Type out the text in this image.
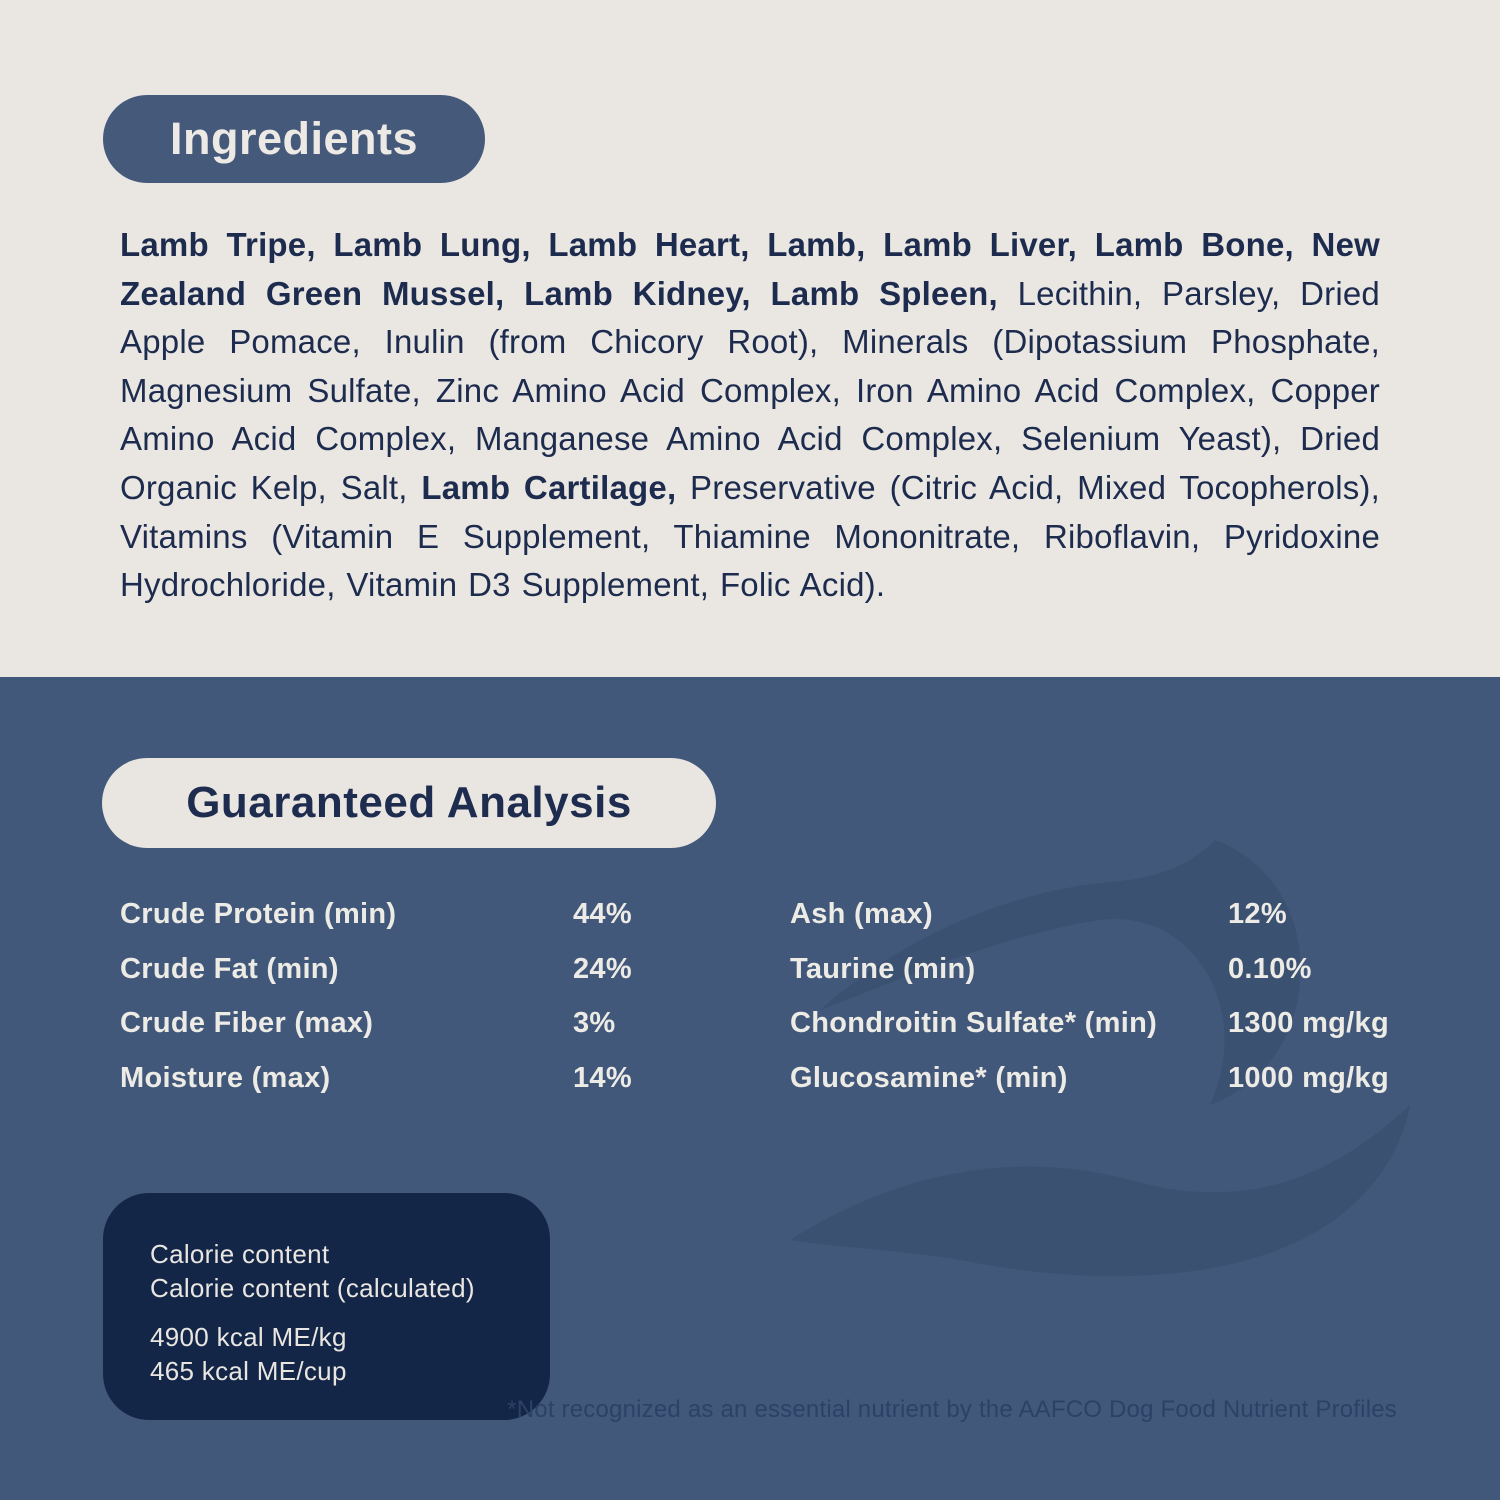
Ingredients
Lamb Tripe, Lamb Lung, Lamb Heart, Lamb, Lamb Liver, Lamb Bone, New Zealand Green Mussel, Lamb Kidney, Lamb Spleen, Lecithin, Parsley, Dried Apple Pomace, Inulin (from Chicory Root), Minerals (Dipotassium Phosphate, Magnesium Sulfate, Zinc Amino Acid Complex, Iron Amino Acid Complex, Copper Amino Acid Complex, Manganese Amino Acid Complex, Selenium Yeast), Dried Organic Kelp, Salt, Lamb Cartilage, Preservative (Citric Acid, Mixed Tocopherols), Vitamins (Vitamin E Supplement, Thiamine Mononitrate, Riboflavin, Pyridoxine Hydrochloride, Vitamin D3 Supplement, Folic Acid).
Guaranteed Analysis
Crude Protein (min)	44%	Ash (max)	12%
Crude Fat (min)	24%	Taurine (min)	0.10%
Crude Fiber (max)	3%	Chondroitin Sulfate* (min) 1300 mg/kg
Moisture (max)	14%	Glucosamine* (min)	1000 mg/kg
Calorie content
Calorie content (calculated)
4900 kcal ME/kg
465 kcal ME/cup
*Not recognized as an essential nutrient by the AAFCO Dog Food Nutrient Profiles
